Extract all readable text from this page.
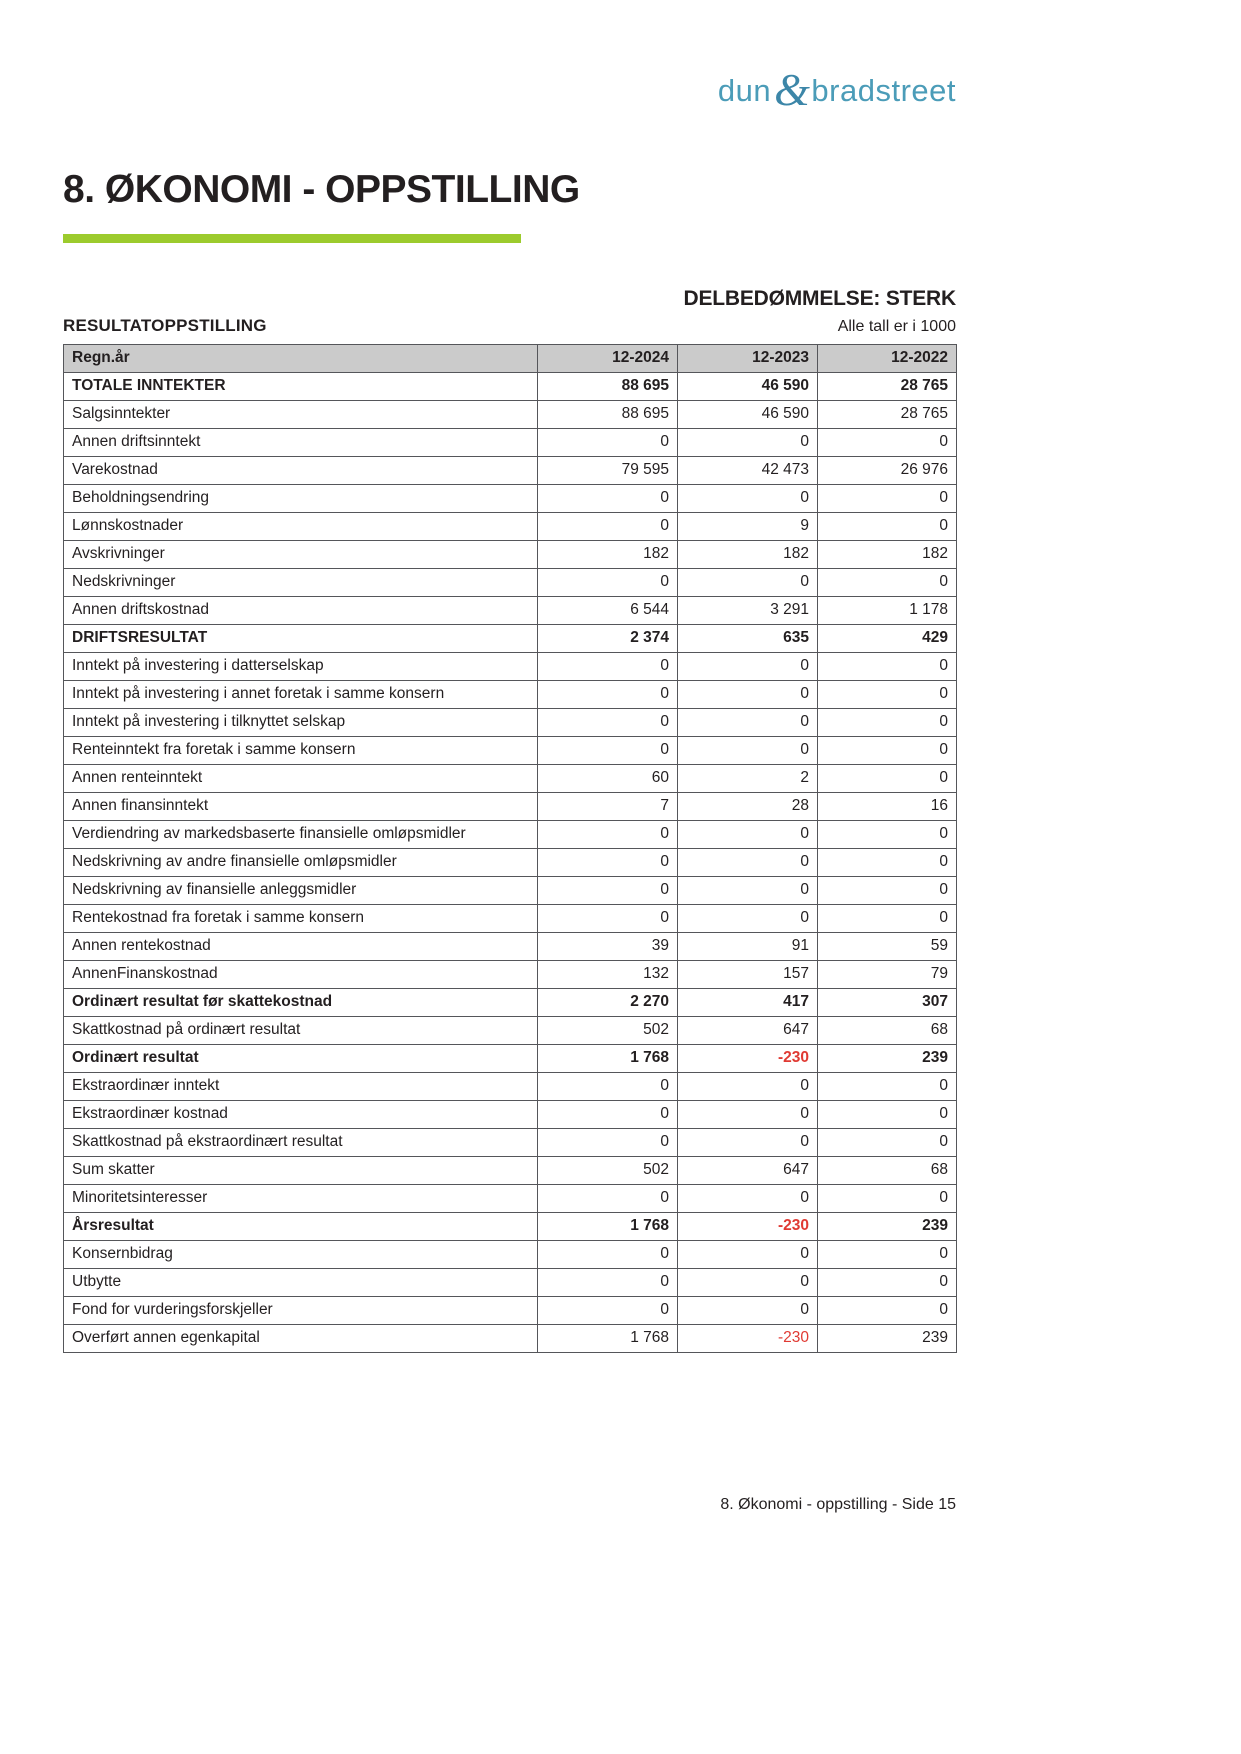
dun & bradstreet
8. ØKONOMI - OPPSTILLING
DELBEDØMMELSE: STERK
RESULTATOPPSTILLING	Alle tall er i 1000
Regn.år	12-2024	12-2023	12-2022
TOTALE INNTEKTER	88 695	46 590	28 765
Salgsinntekter	88 695	46 590	28 765
Annen driftsinntekt	0	0	0
Varekostnad	79 595	42 473	26 976
Beholdningsendring	0	0	0
Lønnskostnader	0	9	0
Avskrivninger	182	182	182
Nedskrivninger	0	0	0
Annen driftskostnad	6 544	3 291	1 178
DRIFTSRESULTAT	2 374	635	429
Inntekt på investering i datterselskap	0	0	0
Inntekt på investering i annet foretak i samme konsern	0	0	0
Inntekt på investering i tilknyttet selskap	0	0	0
Renteinntekt fra foretak i samme konsern	0	0	0
Annen renteinntekt	60	2	0
Annen finansinntekt	7	28	16
Verdiendring av markedsbaserte finansielle omløpsmidler	0	0	0
Nedskrivning av andre finansielle omløpsmidler	0	0	0
Nedskrivning av finansielle anleggsmidler	0	0	0
Rentekostnad fra foretak i samme konsern	0	0	0
Annen rentekostnad	39	91	59
AnnenFinanskostnad	132	157	79
Ordinært resultat før skattekostnad	2 270	417	307
Skattkostnad på ordinært resultat	502	647	68
Ordinært resultat	1 768	-230	239
Ekstraordinær inntekt	0	0	0
Ekstraordinær kostnad	0	0	0
Skattkostnad på ekstraordinært resultat	0	0	0
Sum skatter	502	647	68
Minoritetsinteresser	0	0	0
Årsresultat	1 768	-230	239
Konsernbidrag	0	0	0
Utbytte	0	0	0
Fond for vurderingsforskjeller	0	0	0
Overført annen egenkapital	1 768	-230	239
8. Økonomi - oppstilling - Side 15
